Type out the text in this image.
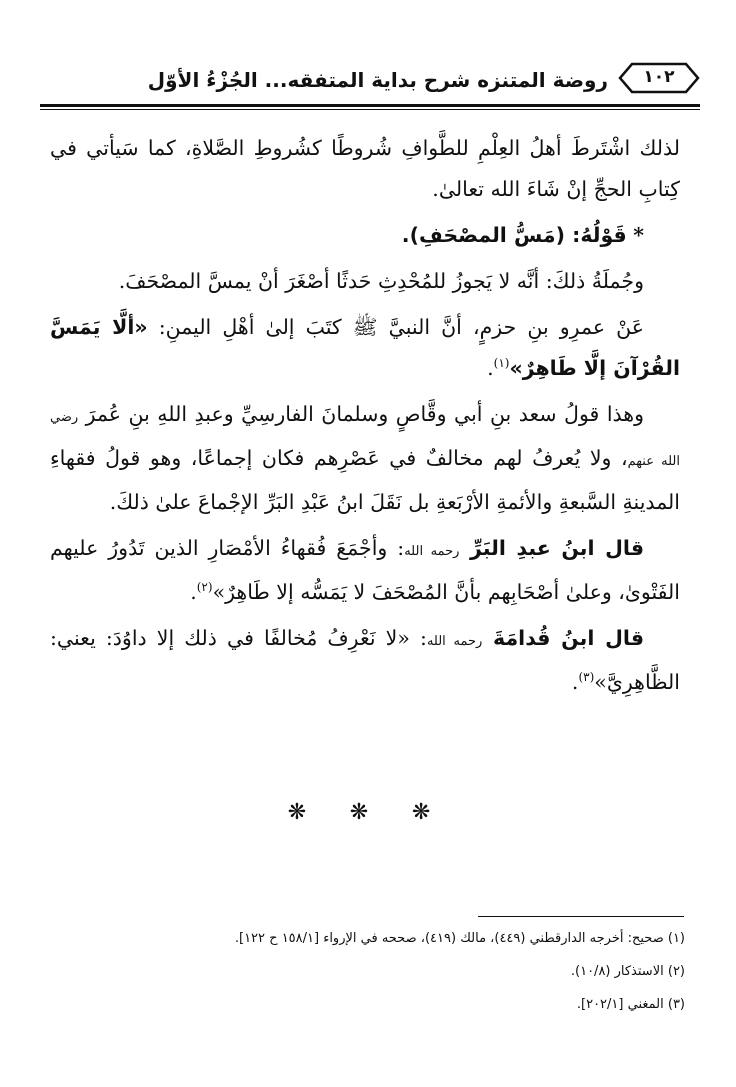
روضة المتنزه شرح بداية المتفقه... الجُزْءُ الأوّل	١٠٢

لذلك اشْتَرطَ أهلُ العِلْمِ للطَّوافِ شُروطًا كشُروطِ الصَّلاةِ، كما سَيأتي في كِتابِ الحجِّ إنْ شَاءَ الله تعالىٰ.

* قَوْلُهُ: (مَسُّ المصْحَفِ).

وجُملَةُ ذلكَ: أنَّه لا يَجوزُ للمُحْدِثِ حَدثًا أصْغَرَ أنْ يمسَّ المصْحَفَ.

عَنْ عمرِو بنِ حزمٍ، أنَّ النبيَّ ﷺ كتَبَ إلىٰ أهْلِ اليمنِ: «ألَّا يَمَسَّ القُرْآنَ إلَّا طَاهِرٌ»$^{(١)}$.

وهذا قولُ سعد بنِ أبي وقَّاصٍ وسلمانَ الفارسِيِّ وعبدِ اللهِ بنِ عُمرَ رضي الله عنهم، ولا يُعرفُ لهم مخالفٌ في عَصْرِهم فكان إجماعًا، وهو قولُ فقهاءِ المدينةِ السَّبعةِ والأئمةِ الأرْبَعةِ بل نَقَلَ ابنُ عَبْدِ البَرِّ الإجْماعَ علىٰ ذلكَ.

قال ابنُ عبدِ البَرِّ رحمه الله: وأجْمَعَ فُقهاءُ الأمْصَارِ الذين تَدُورُ عليهم الفَتْوىٰ، وعلىٰ أصْحَابِهم بأنَّ المُصْحَفَ لا يَمَسُّه إلا طَاهِرٌ»$^{(٢)}$.

قال ابنُ قُدامَةَ رحمه الله: «لا نَعْرِفُ مُخالفًا في ذلك إلا داوُدَ: يعني: الظَّاهِرِيَّ»$^{(٣)}$.

❋ ❋ ❋
(١) صحيح: أخرجه الدارقطني (٤٤٩)، مالك (٤١٩)، صححه في الإرواء [١٥٨/١ ح ١٢٢].
(٢) الاستذكار (١٠/٨).
(٣) المغني [٢٠٢/١].
